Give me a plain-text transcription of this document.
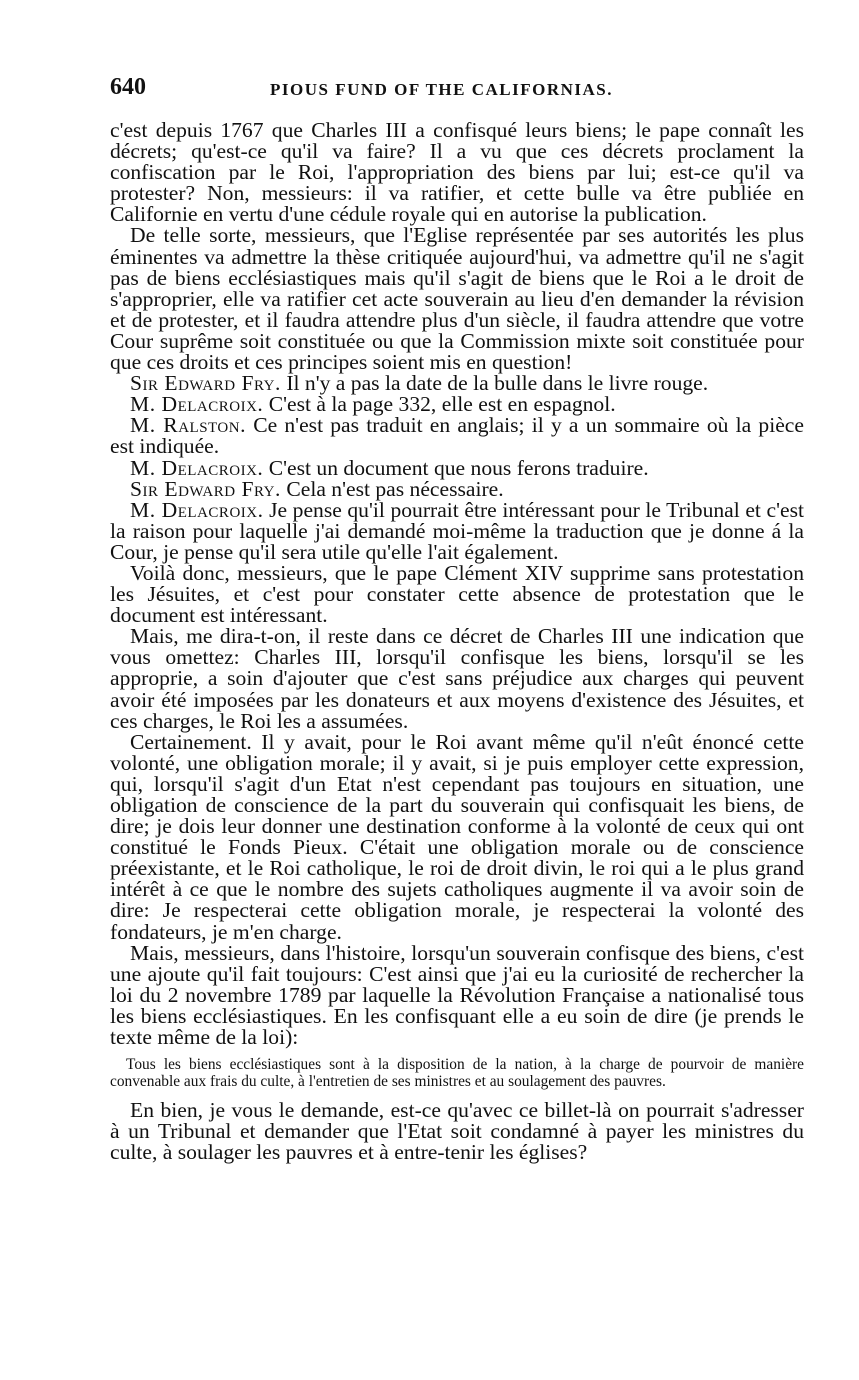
640	PIOUS FUND OF THE CALIFORNIAS.

c'est depuis 1767 que Charles III a confisqué leurs biens; le pape connaît les décrets; qu'est-ce qu'il va faire? Il a vu que ces décrets proclament la confiscation par le Roi, l'appropriation des biens par lui; est-ce qu'il va protester? Non, messieurs: il va ratifier, et cette bulle va être publiée en Californie en vertu d'une cédule royale qui en autorise la publication.

De telle sorte, messieurs, que l'Eglise représentée par ses autorités les plus éminentes va admettre la thèse critiquée aujourd'hui, va admettre qu'il ne s'agit pas de biens ecclésiastiques mais qu'il s'agit de biens que le Roi a le droit de s'approprier, elle va ratifier cet acte souverain au lieu d'en demander la révision et de protester, et il faudra attendre plus d'un siècle, il faudra attendre que votre Cour suprême soit constituée ou que la Commission mixte soit constituée pour que ces droits et ces principes soient mis en question!

Sir Edward Fry. Il n'y a pas la date de la bulle dans le livre rouge.

M. Delacroix. C'est à la page 332, elle est en espagnol.

M. Ralston. Ce n'est pas traduit en anglais; il y a un sommaire où la pièce est indiquée.

M. Delacroix. C'est un document que nous ferons traduire.

Sir Edward Fry. Cela n'est pas nécessaire.

M. Delacroix. Je pense qu'il pourrait être intéressant pour le Tribunal et c'est la raison pour laquelle j'ai demandé moi-même la traduction que je donne á la Cour, je pense qu'il sera utile qu'elle l'ait également.

Voilà donc, messieurs, que le pape Clément XIV supprime sans protestation les Jésuites, et c'est pour constater cette absence de protestation que le document est intéressant.

Mais, me dira-t-on, il reste dans ce décret de Charles III une indication que vous omettez: Charles III, lorsqu'il confisque les biens, lorsqu'il se les approprie, a soin d'ajouter que c'est sans préjudice aux charges qui peuvent avoir été imposées par les donateurs et aux moyens d'existence des Jésuites, et ces charges, le Roi les a assumées.

Certainement. Il y avait, pour le Roi avant même qu'il n'eût énoncé cette volonté, une obligation morale; il y avait, si je puis employer cette expression, qui, lorsqu'il s'agit d'un Etat n'est cependant pas toujours en situation, une obligation de conscience de la part du souverain qui confisquait les biens, de dire; je dois leur donner une destination conforme à la volonté de ceux qui ont constitué le Fonds Pieux. C'était une obligation morale ou de conscience préexistante, et le Roi catholique, le roi de droit divin, le roi qui a le plus grand intérêt à ce que le nombre des sujets catholiques augmente il va avoir soin de dire: Je respecterai cette obligation morale, je respecterai la volonté des fondateurs, je m'en charge.

Mais, messieurs, dans l'histoire, lorsqu'un souverain confisque des biens, c'est une ajoute qu'il fait toujours: C'est ainsi que j'ai eu la curiosité de rechercher la loi du 2 novembre 1789 par laquelle la Révolution Française a nationalisé tous les biens ecclésiastiques. En les confisquant elle a eu soin de dire (je prends le texte même de la loi):

Tous les biens ecclésiastiques sont à la disposition de la nation, à la charge de pourvoir de manière convenable aux frais du culte, à l'entretien de ses ministres et au soulagement des pauvres.

En bien, je vous le demande, est-ce qu'avec ce billet-là on pourrait s'adresser à un Tribunal et demander que l'Etat soit condamné à payer les ministres du culte, à soulager les pauvres et à entre-tenir les églises?
